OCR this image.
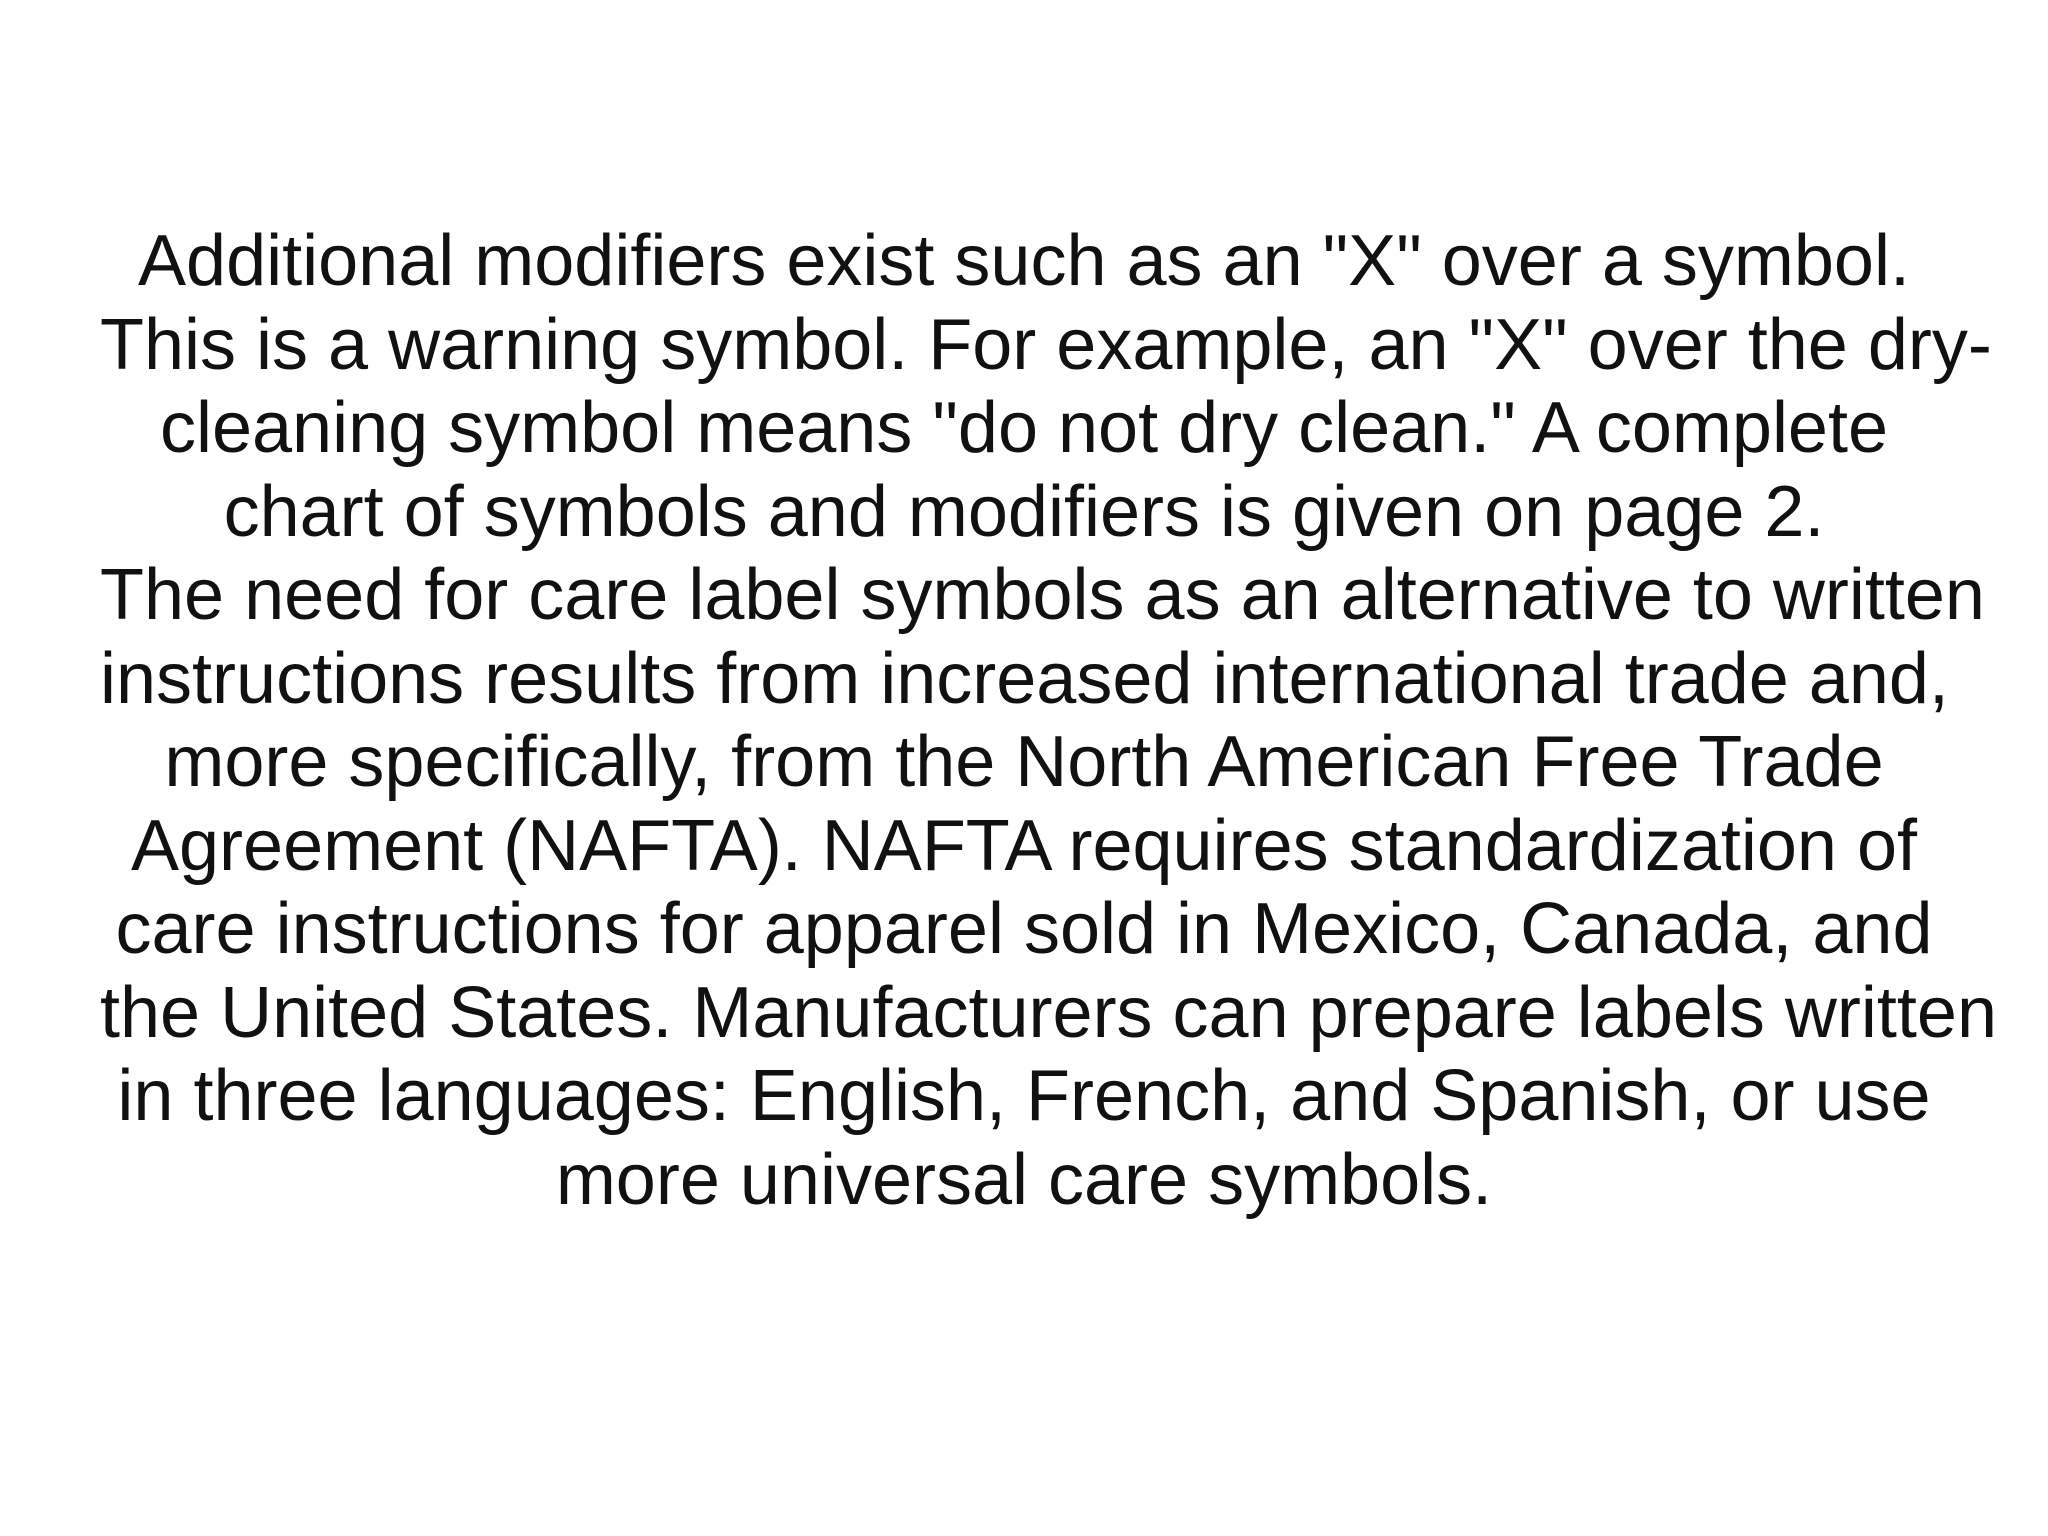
Additional modifiers exist such as an "X" over a symbol.
This is a warning symbol. For example, an "X" over the dry-
cleaning symbol means "do not dry clean." A complete
chart of symbols and modifiers is given on page 2.
The need for care label symbols as an alternative to written
instructions results from increased international trade and,
more specifically, from the North American Free Trade
Agreement (NAFTA). NAFTA requires standardization of
care instructions for apparel sold in Mexico, Canada, and
the United States. Manufacturers can prepare labels written
in three languages: English, French, and Spanish, or use
more universal care symbols.
